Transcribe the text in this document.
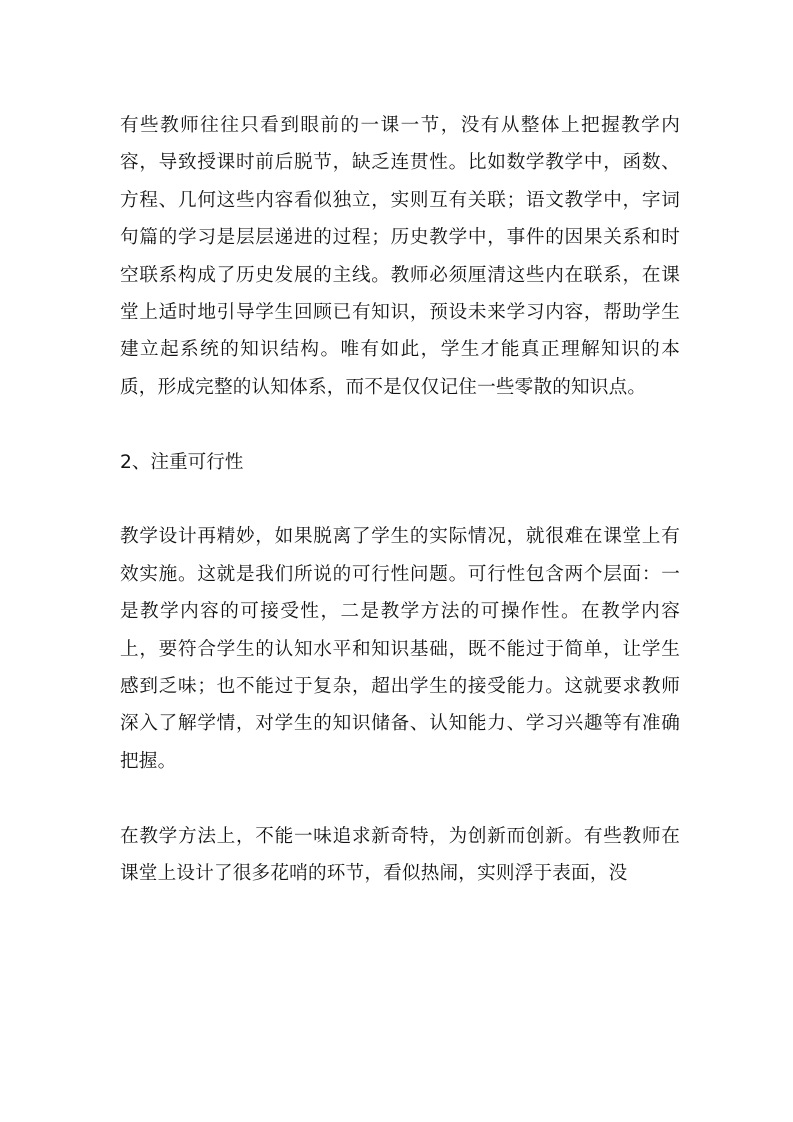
有些教师往往只看到眼前的一课一节，没有从整体上把握教学内容，导致授课时前后脱节，缺乏连贯性。比如数学教学中，函数、方程、几何这些内容看似独立，实则互有关联；语文教学中，字词句篇的学习是层层递进的过程；历史教学中，事件的因果关系和时空联系构成了历史发展的主线。教师必须厘清这些内在联系，在课堂上适时地引导学生回顾已有知识，预设未来学习内容，帮助学生建立起系统的知识结构。唯有如此，学生才能真正理解知识的本质，形成完整的认知体系，而不是仅仅记住一些零散的知识点。

2、注重可行性

教学设计再精妙，如果脱离了学生的实际情况，就很难在课堂上有效实施。这就是我们所说的可行性问题。可行性包含两个层面：一是教学内容的可接受性，二是教学方法的可操作性。在教学内容上，要符合学生的认知水平和知识基础，既不能过于简单，让学生感到乏味；也不能过于复杂，超出学生的接受能力。这就要求教师深入了解学情，对学生的知识储备、认知能力、学习兴趣等有准确把握。

在教学方法上，不能一味追求新奇特，为创新而创新。有些教师在课堂上设计了很多花哨的环节，看似热闹，实则浮于表面，没
